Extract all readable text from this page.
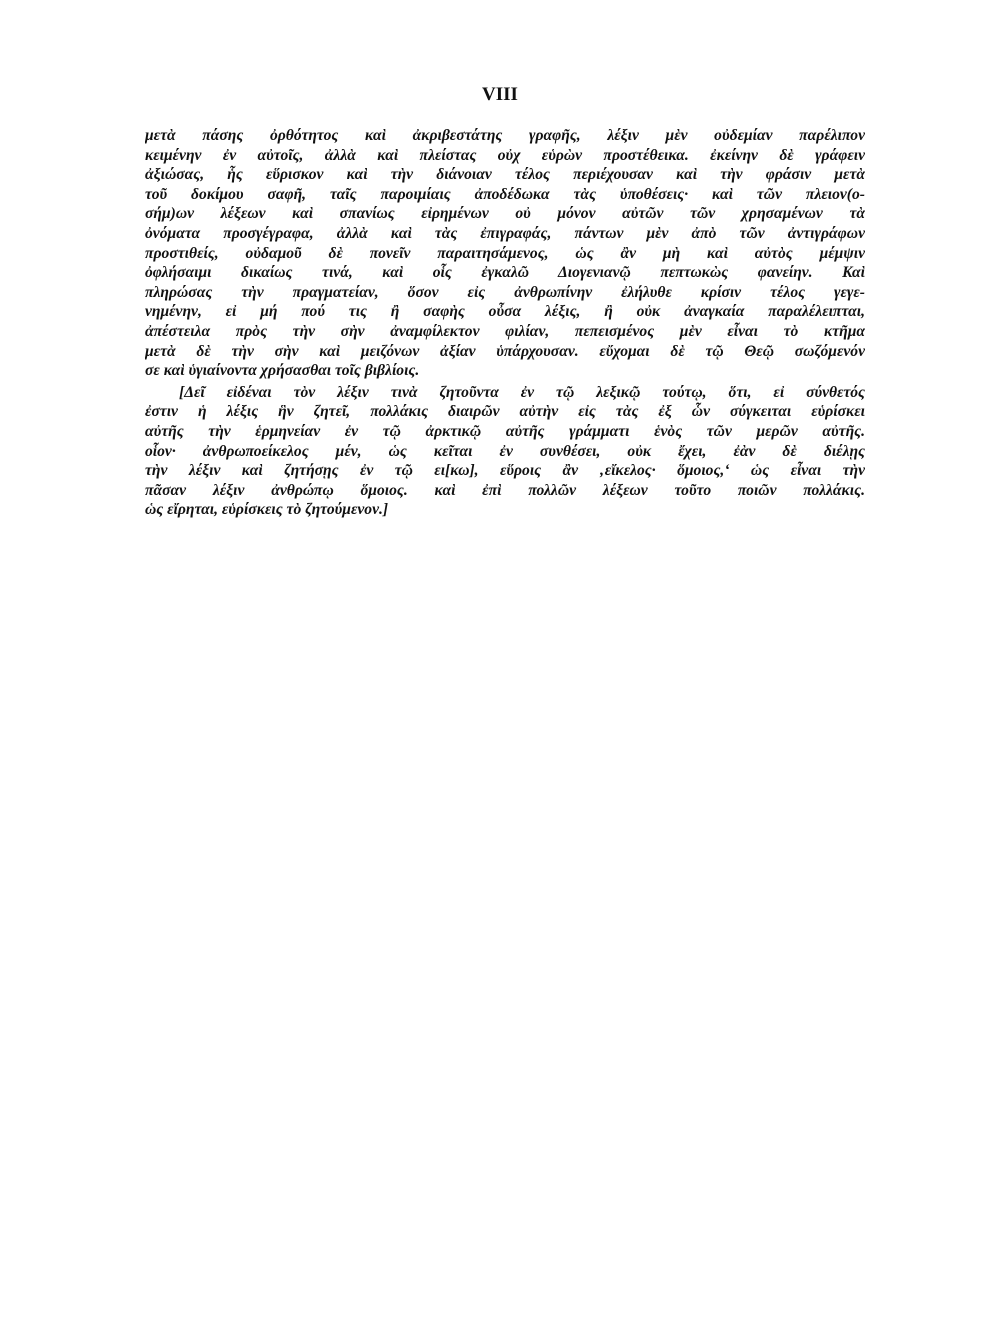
VIII
μετὰ πάσης ὀρθότητος καὶ ἀκριβεστάτης γραφῆς, λέξιν μὲν οὐδεμίαν παρέλιπον
κειμένην ἐν αὐτοῖς, ἀλλὰ καὶ πλείστας οὐχ εὑρὼν προστέθεικα. ἐκείνην δὲ γράφειν
ἀξιώσας, ἧς εὕρισκον καὶ τὴν διάνοιαν τέλος περιέχουσαν καὶ τὴν φράσιν μετὰ
τοῦ δοκίμου σαφῆ, ταῖς παροιμίαις ἀποδέδωκα τὰς ὑποθέσεις· καὶ τῶν πλειον(ο-
σήμ)ων λέξεων καὶ σπανίως εἰρημένων οὐ μόνον αὐτῶν τῶν χρησαμένων τὰ
ὀνόματα προσγέγραφα, ἀλλὰ καὶ τὰς ἐπιγραφάς, πάντων μὲν ἀπὸ τῶν ἀντιγράφων
προστιθείς, οὐδαμοῦ δὲ πονεῖν παραιτησάμενος, ὡς ἂν μὴ καὶ αὐτὸς μέμψιν
ὀφλήσαιμι δικαίως τινά, καὶ οἷς ἐγκαλῶ Διογενιανῷ πεπτωκὼς φανείην. Καὶ
πληρώσας τὴν πραγματείαν, ὅσον εἰς ἀνθρωπίνην ἐλήλυθε κρίσιν τέλος γεγε-
νημένην, εἰ μή πού τις ἢ σαφὴς οὖσα λέξις, ἢ οὐκ ἀναγκαία παραλέλειπται,
ἀπέστειλα πρὸς τὴν σὴν ἀναμφίλεκτον φιλίαν, πεπεισμένος μὲν εἶναι τὸ κτῆμα
μετὰ δὲ τὴν σὴν καὶ μειζόνων ἀξίαν ὑπάρχουσαν. εὔχομαι δὲ τῷ Θεῷ σωζόμενόν
σε καὶ ὑγιαίνοντα χρήσασθαι τοῖς βιβλίοις.
[Δεῖ εἰδέναι τὸν λέξιν τινὰ ζητοῦντα ἐν τῷ λεξικῷ τούτῳ, ὅτι, εἰ σύνθετός
ἐστιν ἡ λέξις ἣν ζητεῖ, πολλάκις διαιρῶν αὐτὴν εἰς τὰς ἐξ ὧν σύγκειται εὑρίσκει
αὐτῆς τὴν ἑρμηνείαν ἐν τῷ ἀρκτικῷ αὐτῆς γράμματι ἑνὸς τῶν μερῶν αὐτῆς.
οἷον· ἀνθρωποείκελος μέν, ὡς κεῖται ἐν συνθέσει, οὐκ ἔχει, ἐὰν δὲ διέλῃς
τὴν λέξιν καὶ ζητήσῃς ἐν τῷ ει[κω], εὕροις ἂν ‚εἴκελος· ὅμοιος,‘ ὡς εἶναι τὴν
πᾶσαν λέξιν ἀνθρώπῳ ὅμοιος. καὶ ἐπὶ πολλῶν λέξεων τοῦτο ποιῶν πολλάκις.
ὡς εἴρηται, εὑρίσκεις τὸ ζητούμενον.]
